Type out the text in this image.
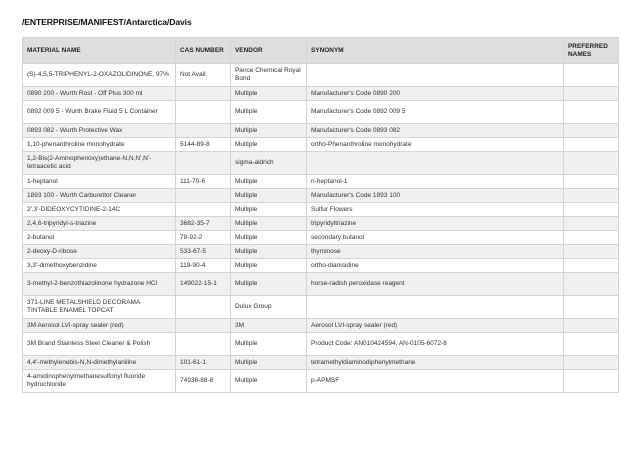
/ENTERPRISE/MANIFEST/Antarctica/Davis
MATERIAL NAME	CAS NUMBER	VENDOR	SYNONYM	PREFERRED NAMES
(S)-4,5,5-TRIPHENYL-2-OXAZOLIDINONE, 97%	Not Avail.	Pierce Chemical Royal Bond		
0890 200 - Wurth Rost - Off Plus 300 ml		Multiple	Manufacturer's Code 0890 200	
0892 009 5 - Wurth Brake Fluid 5 L Container		Multiple	Manufacturer's Code 0892 009 5	
0893 082 - Wurth Protective Wax		Multiple	Manufacturer's Code 0893 082	
1,10-phenanthroline monohydrate	5144-89-8	Multiple	ortho-Phenanthroline monohydrate	
1,2-Bis(2-Aminophenoxy)ethane-N,N,N',N'- tetraacetic acid		sigma-aldrich		
1-heptanol	111-70-6	Multiple	n-heptanol-1	
1893 100 - Wurth Carburettor Cleaner		Multiple	Manufacturer's Code 1893 100	
2',3'-DIDEOXYCYTIDINE-2-14C		Multiple	Sulfur Flowers	
2,4,6-tripyridyl-s-triazine	3682-35-7	Multiple	tripyridyltriazine	
2-butanol	78-92-2	Multiple	secondary butanol	
2-deoxy-D-ribose	533-67-5	Multiple	thyminose	
3,3'-dimethoxybenzidine	119-90-4	Multiple	ortho-dianisidine	
3-methyl-2-benzothiazolinone hydrazone HCl	149022-15-1	Multiple	horse-radish peroxidase reagent	
371-LINE METALSHIELD DECORAMA TINTABLE ENAMEL TOPCAT		Dulux Group		
3M Aerosol LVI-spray sealer (red)		3M	Aerosol LVI-spray sealer (red)	
3M Brand Stainless Steel Cleaner & Polish		Multiple	Product Code: AN010424594, AN-0105-6072-8	
4,4'-methylenebis-N,N-dimethylaniline	101-61-1	Multiple	tetramethyldiaminodiphenylmethane	
4-amidinophenylmethanesulfonyl fluoride hydrochloride	74938-88-8	Multiple	p-APMSF	
